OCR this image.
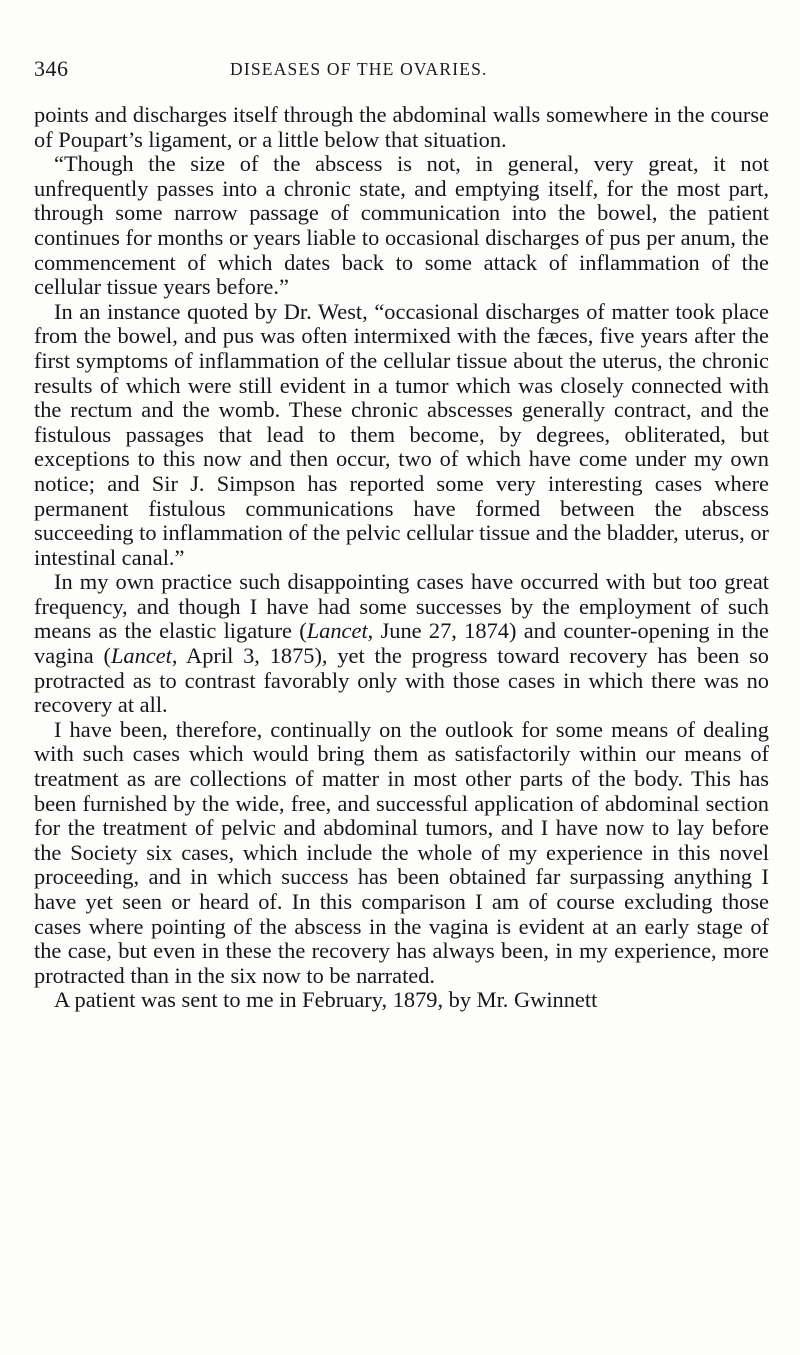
346	DISEASES OF THE OVARIES.

points and discharges itself through the abdominal walls somewhere in the course of Poupart’s ligament, or a little below that situation.

“Though the size of the abscess is not, in general, very great, it not unfrequently passes into a chronic state, and emptying itself, for the most part, through some narrow passage of communication into the bowel, the patient continues for months or years liable to occasional discharges of pus per anum, the commencement of which dates back to some attack of inflammation of the cellular tissue years before.”

In an instance quoted by Dr. West, “occasional discharges of matter took place from the bowel, and pus was often intermixed with the fæces, five years after the first symptoms of inflammation of the cellular tissue about the uterus, the chronic results of which were still evident in a tumor which was closely connected with the rectum and the womb. These chronic abscesses generally contract, and the fistulous passages that lead to them become, by degrees, obliterated, but exceptions to this now and then occur, two of which have come under my own notice; and Sir J. Simpson has reported some very interesting cases where permanent fistulous communications have formed between the abscess succeeding to inflammation of the pelvic cellular tissue and the bladder, uterus, or intestinal canal.”

In my own practice such disappointing cases have occurred with but too great frequency, and though I have had some successes by the employment of such means as the elastic ligature (Lancet, June 27, 1874) and counter-opening in the vagina (Lancet, April 3, 1875), yet the progress toward recovery has been so protracted as to contrast favorably only with those cases in which there was no recovery at all.

I have been, therefore, continually on the outlook for some means of dealing with such cases which would bring them as satisfactorily within our means of treatment as are collections of matter in most other parts of the body. This has been furnished by the wide, free, and successful application of abdominal section for the treatment of pelvic and abdominal tumors, and I have now to lay before the Society six cases, which include the whole of my experience in this novel proceeding, and in which success has been obtained far surpassing anything I have yet seen or heard of. In this comparison I am of course excluding those cases where pointing of the abscess in the vagina is evident at an early stage of the case, but even in these the recovery has always been, in my experience, more protracted than in the six now to be narrated.

A patient was sent to me in February, 1879, by Mr. Gwinnett
